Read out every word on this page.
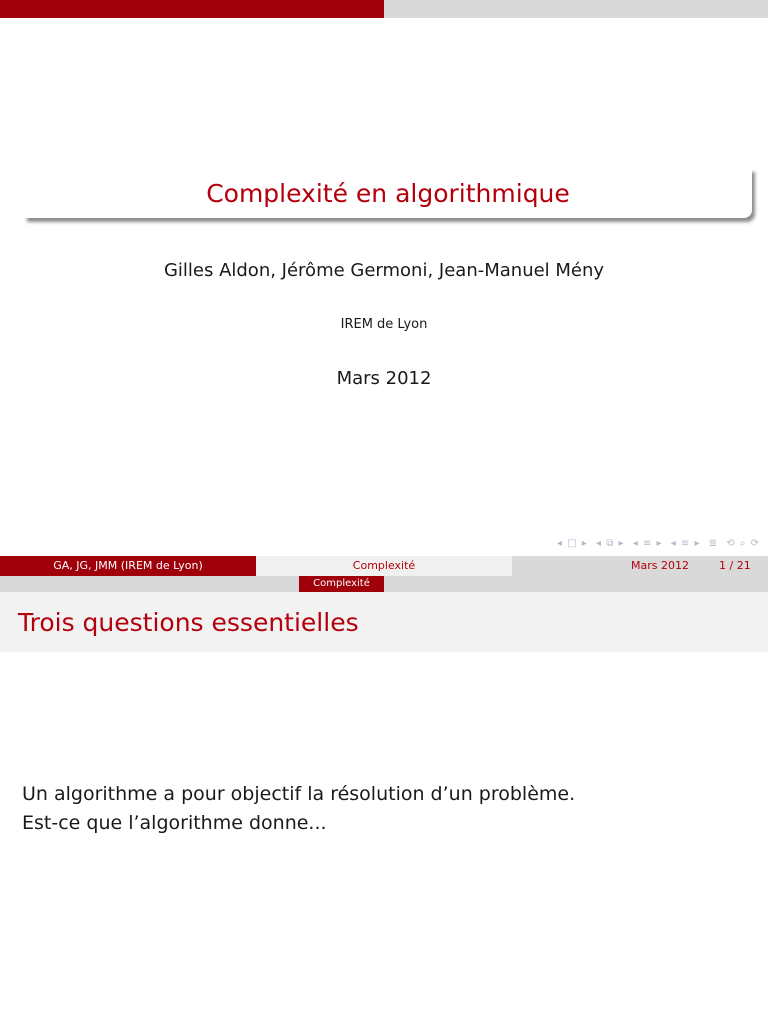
Complexité en algorithmique
Gilles Aldon, Jérôme Germoni, Jean-Manuel Mény
IREM de Lyon
Mars 2012
◂ □ ▸ ◂ ⧉ ▸ ◂ ≡ ▸ ◂ ≡ ▸ ≣ ⟲ ⌕ ⟳
GA, JG, JMM (IREM de Lyon)	Complexité	Mars 2012	1 / 21
Complexité
Trois questions essentielles
Un algorithme a pour objectif la résolution d’un problème.
Est-ce que l’algorithme donne...
